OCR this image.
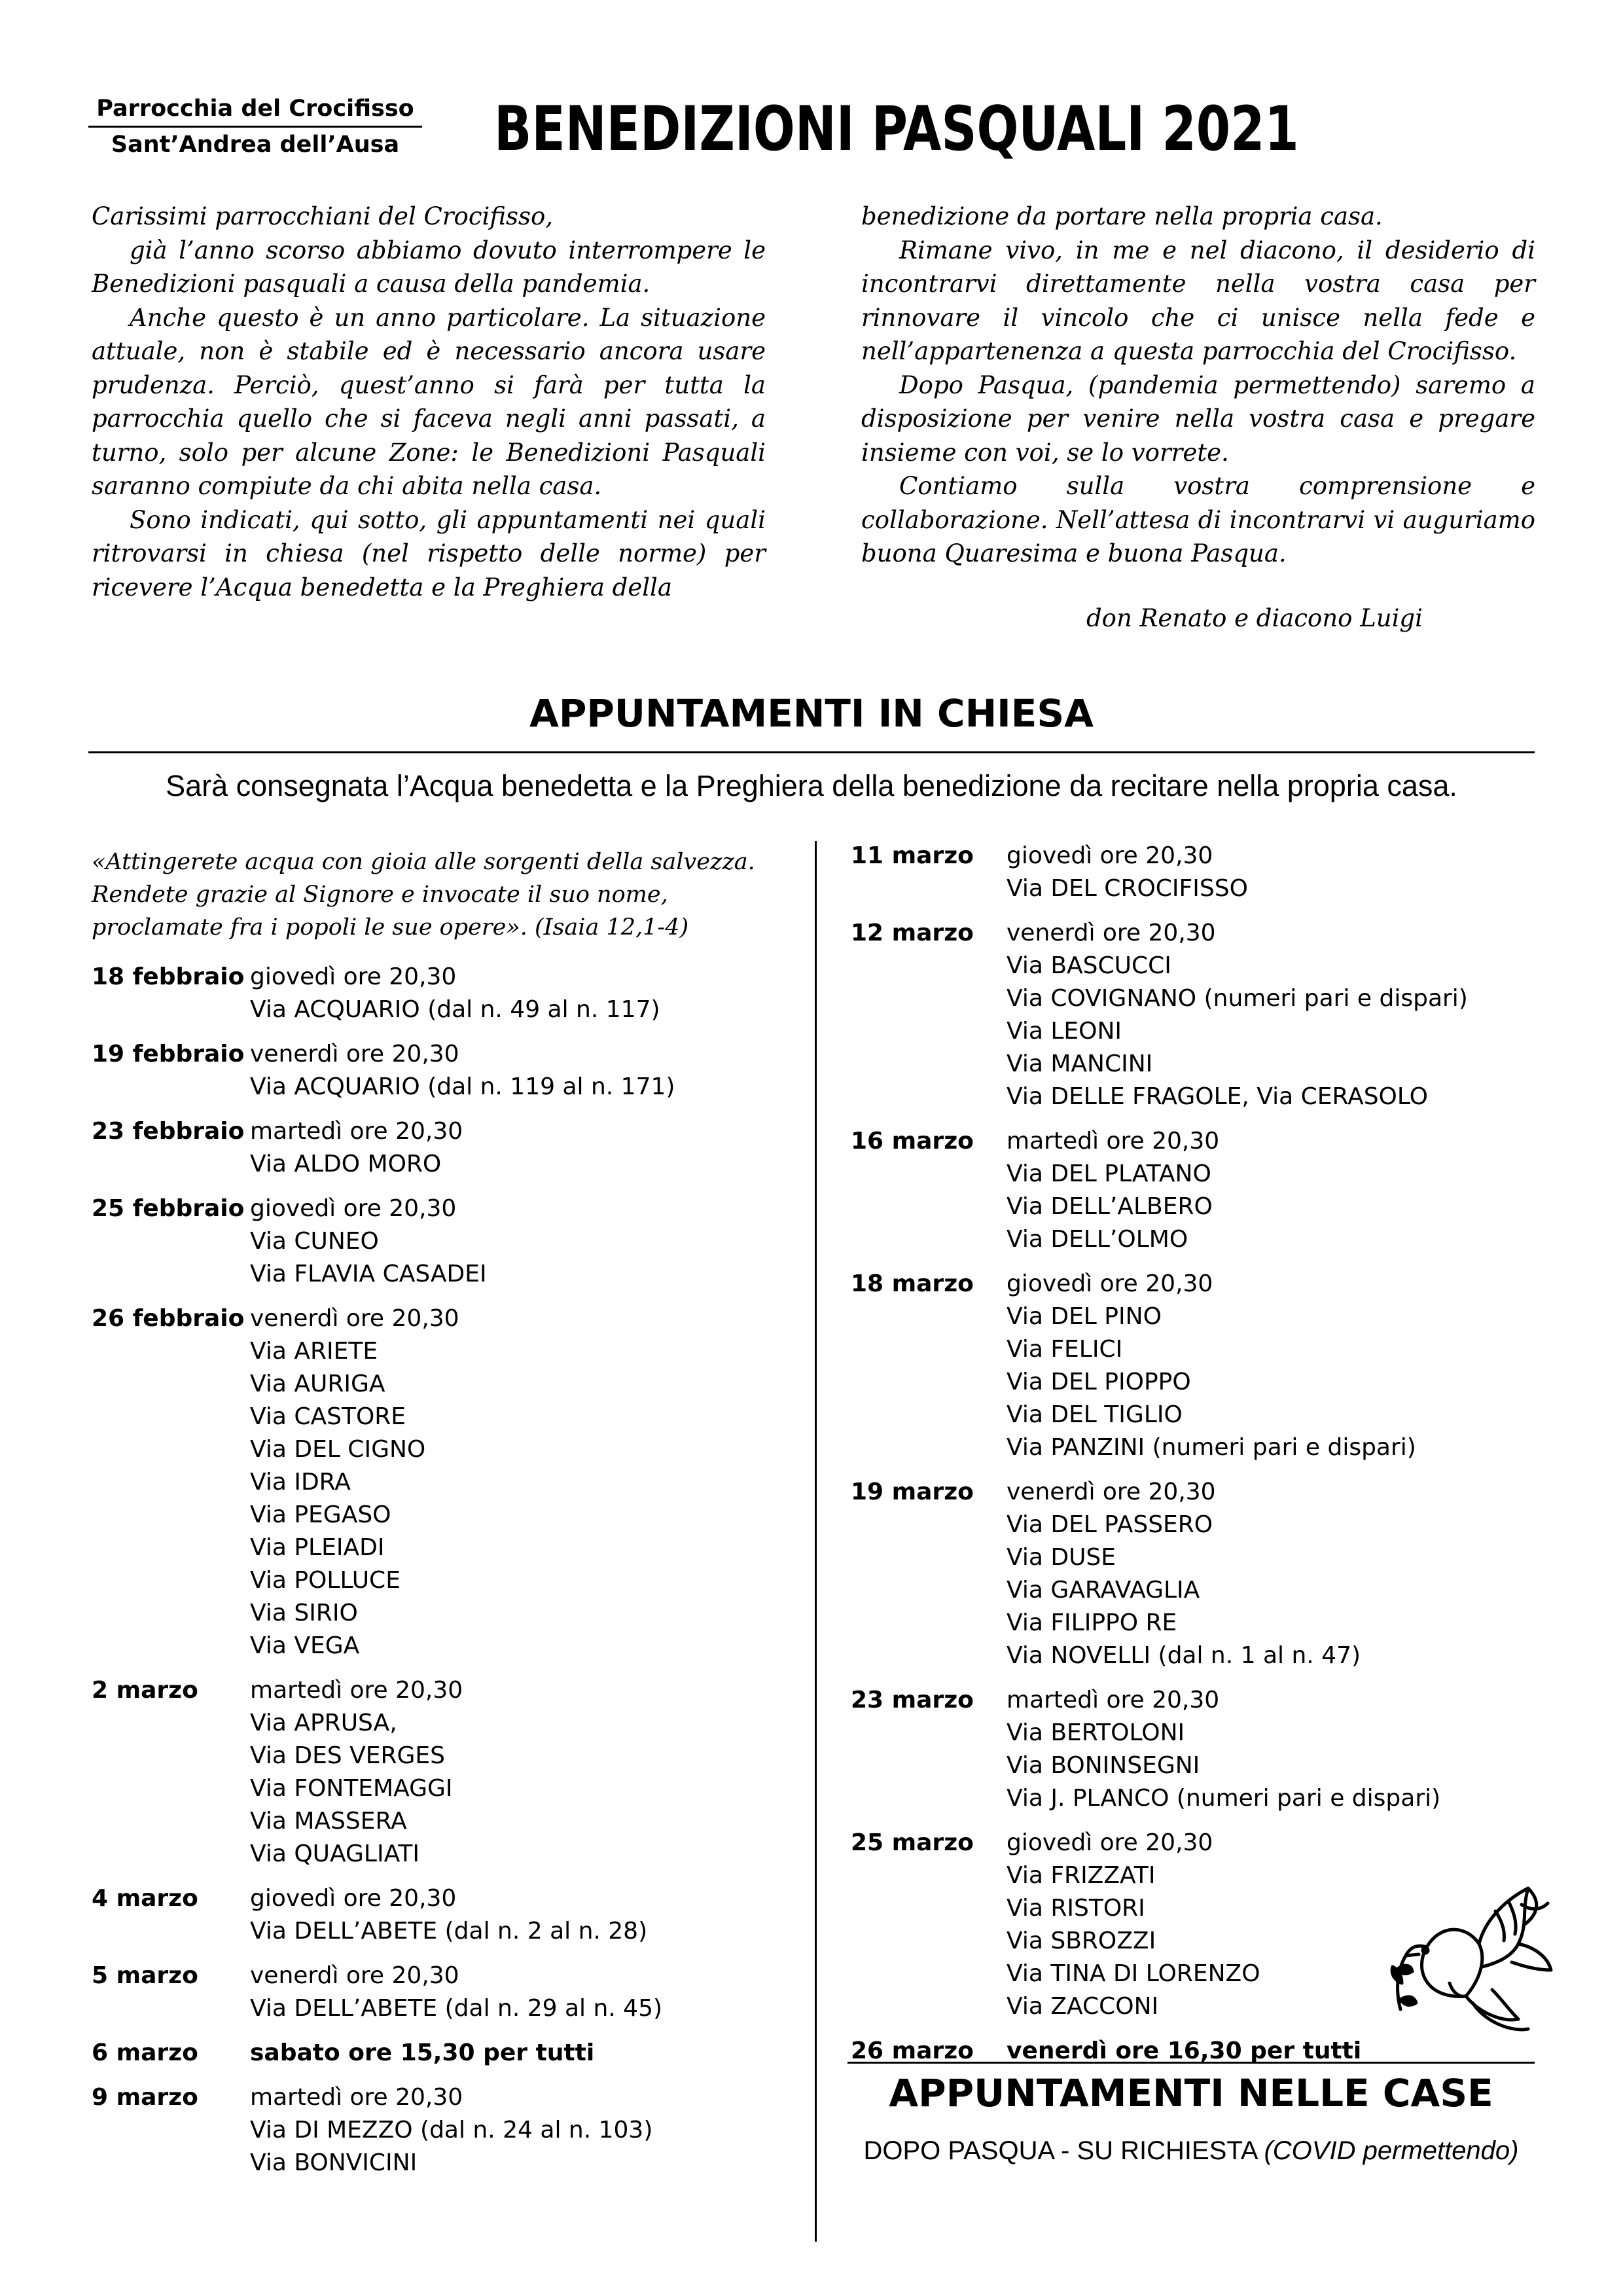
Parrocchia del Crocifisso
Sant’Andrea dell’Ausa	BENEDIZIONI PASQUALI 2021

Carissimi parrocchiani del Crocifisso,

già l’anno scorso abbiamo dovuto interrompere le Benedizioni pasquali a causa della pandemia.

Anche questo è un anno particolare. La situazione attuale, non è stabile ed è necessario ancora usare prudenza. Perciò, quest’anno si farà per tutta la parrocchia quello che si faceva negli anni passati, a turno, solo per alcune Zone: le Benedizioni Pasquali saranno compiute da chi abita nella casa.

Sono indicati, qui sotto, gli appuntamenti nei quali ritrovarsi in chiesa (nel rispetto delle norme) per ricevere l’Acqua benedetta e la Preghiera della

benedizione da portare nella propria casa.

Rimane vivo, in me e nel diacono, il desiderio di incontrarvi direttamente nella vostra casa per rinnovare il vincolo che ci unisce nella fede e nell’appartenenza a questa parrocchia del Crocifisso.

Dopo Pasqua, (pandemia permettendo) saremo a disposizione per venire nella vostra casa e pregare insieme con voi, se lo vorrete.

Contiamo sulla vostra comprensione e collaborazione. Nell’attesa di incontrarvi vi auguriamo buona Quaresima e buona Pasqua.

don Renato e diacono Luigi
APPUNTAMENTI IN CHIESA
Sarà consegnata l’Acqua benedetta e la Preghiera della benedizione da recitare nella propria casa.
«Attingerete acqua con gioia alle sorgenti della salvezza.
Rendete grazie al Signore e invocate il suo nome,
proclamate fra i popoli le sue opere». (Isaia 12,1-4)
18 febbraio giovedì ore 20,30
Via ACQUARIO (dal n. 49 al n. 117)
19 febbraio venerdì ore 20,30
Via ACQUARIO (dal n. 119 al n. 171)
23 febbraio martedì ore 20,30
Via ALDO MORO
25 febbraio giovedì ore 20,30
Via CUNEO
Via FLAVIA CASADEI
26 febbraio venerdì ore 20,30
Via ARIETE
Via AURIGA
Via CASTORE
Via DEL CIGNO
Via IDRA
Via PEGASO
Via PLEIADI
Via POLLUCE
Via SIRIO
Via VEGA
2 marzo	martedì ore 20,30
Via APRUSA,
Via DES VERGES
Via FONTEMAGGI
Via MASSERA
Via QUAGLIATI
4 marzo	giovedì ore 20,30
Via DELL’ABETE (dal n. 2 al n. 28)
5 marzo	venerdì ore 20,30
Via DELL’ABETE (dal n. 29 al n. 45)
6 marzo	sabato ore 15,30 per tutti
9 marzo	martedì ore 20,30
Via DI MEZZO (dal n. 24 al n. 103)
Via BONVICINI
11 marzo	giovedì ore 20,30
Via DEL CROCIFISSO
12 marzo	venerdì ore 20,30
Via BASCUCCI
Via COVIGNANO (numeri pari e dispari)
Via LEONI
Via MANCINI
Via DELLE FRAGOLE, Via CERASOLO
16 marzo	martedì ore 20,30
Via DEL PLATANO
Via DELL’ALBERO
Via DELL’OLMO
18 marzo	giovedì ore 20,30
Via DEL PINO
Via FELICI
Via DEL PIOPPO
Via DEL TIGLIO
Via PANZINI (numeri pari e dispari)
19 marzo	venerdì ore 20,30
Via DEL PASSERO
Via DUSE
Via GARAVAGLIA
Via FILIPPO RE
Via NOVELLI (dal n. 1 al n. 47)
23 marzo	martedì ore 20,30
Via BERTOLONI
Via BONINSEGNI
Via J. PLANCO (numeri pari e dispari)
25 marzo	giovedì ore 20,30
Via FRIZZATI
Via RISTORI
Via SBROZZI
Via TINA DI LORENZO
Via ZACCONI
26 marzo	venerdì ore 16,30 per tutti
APPUNTAMENTI NELLE CASE
DOPO PASQUA - SU RICHIESTA (COVID permettendo)
